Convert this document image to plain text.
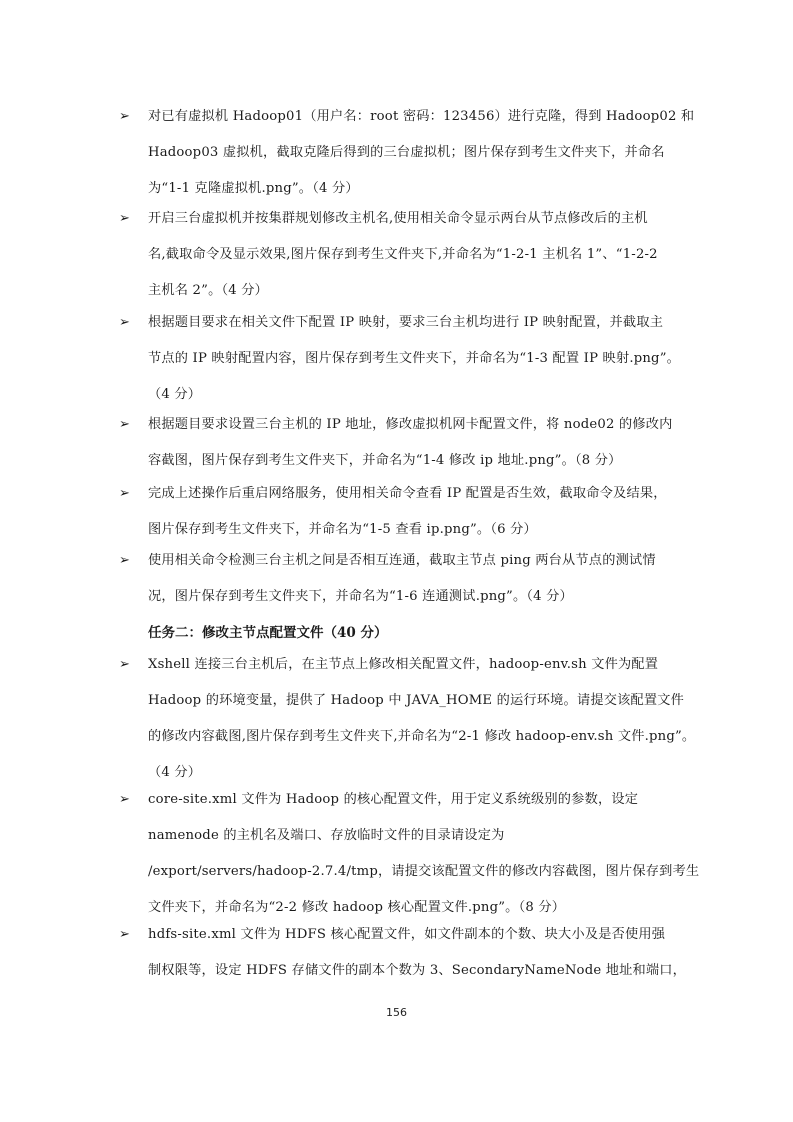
➢ 对已有虚拟机 Hadoop01（用户名：root 密码：123456）进行克隆，得到 Hadoop02 和
Hadoop03 虚拟机，截取克隆后得到的三台虚拟机；图片保存到考生文件夹下，并命名
为“1-1 克隆虚拟机.png”。（4 分）
➢ 开启三台虚拟机并按集群规划修改主机名,使用相关命令显示两台从节点修改后的主机
名,截取命令及显示效果,图片保存到考生文件夹下,并命名为“1-2-1 主机名 1”、“1-2-2
主机名 2”。（4 分）
➢ 根据题目要求在相关文件下配置 IP 映射，要求三台主机均进行 IP 映射配置，并截取主
节点的 IP 映射配置内容，图片保存到考生文件夹下，并命名为“1-3 配置 IP 映射.png”。
（4 分）
➢ 根据题目要求设置三台主机的 IP 地址，修改虚拟机网卡配置文件，将 node02 的修改内
容截图，图片保存到考生文件夹下，并命名为“1-4 修改 ip 地址.png”。（8 分）
➢ 完成上述操作后重启网络服务，使用相关命令查看 IP 配置是否生效，截取命令及结果，
图片保存到考生文件夹下，并命名为“1-5 查看 ip.png”。（6 分）
➢ 使用相关命令检测三台主机之间是否相互连通，截取主节点 ping 两台从节点的测试情
况，图片保存到考生文件夹下，并命名为“1-6 连通测试.png”。（4 分）
任务二：修改主节点配置文件（40 分）
➢ Xshell 连接三台主机后，在主节点上修改相关配置文件，hadoop-env.sh 文件为配置
Hadoop 的环境变量，提供了 Hadoop 中 JAVA_HOME 的运行环境。请提交该配置文件
的修改内容截图,图片保存到考生文件夹下,并命名为“2-1 修改 hadoop-env.sh 文件.png”。
（4 分）
➢ core-site.xml 文件为 Hadoop 的核心配置文件，用于定义系统级别的参数，设定
namenode 的主机名及端口、存放临时文件的目录请设定为
/export/servers/hadoop-2.7.4/tmp，请提交该配置文件的修改内容截图，图片保存到考生
文件夹下，并命名为“2-2 修改 hadoop 核心配置文件.png”。（8 分）
➢ hdfs-site.xml 文件为 HDFS 核心配置文件，如文件副本的个数、块大小及是否使用强
制权限等，设定 HDFS 存储文件的副本个数为 3、SecondaryNameNode 地址和端口，
156
